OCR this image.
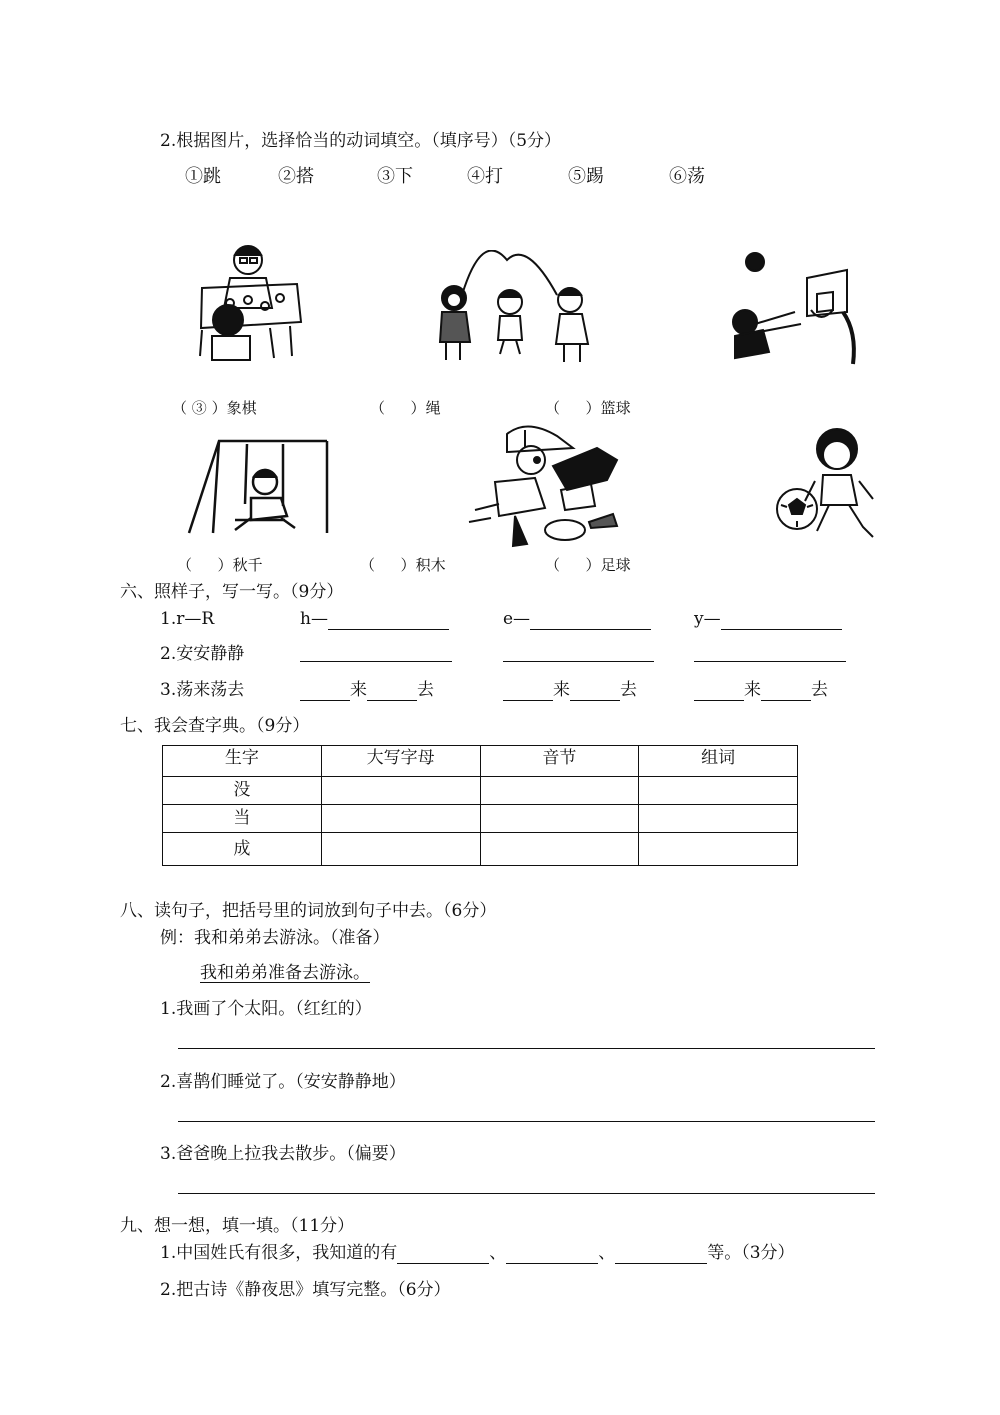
2.根据图片，选择恰当的动词填空。（填序号）（5分）
①跳	②搭	③下	④打	⑤踢	⑥荡
（ ③ ）象棋	（  ）绳	（  ）篮球
（  ）秋千	（  ）积木	（  ）足球
六、照样子，写一写。（9分）
1.r—R	h—	e—	y—
2.安安静静
3.荡来荡去	来	去	来	去	来	去
七、我会查字典。（9分）
生字	大写字母	音节	组词
没			
当			
成			
八、读句子，把括号里的词放到句子中去。（6分）
例：我和弟弟去游泳。（准备）
我和弟弟准备去游泳。
1.我画了个太阳。（红红的）
2.喜鹊们睡觉了。（安安静静地）
3.爸爸晚上拉我去散步。（偏要）
九、想一想，填一填。（11分）
1.中国姓氏有很多，我知道的有	、	、	等。（3分）
2.把古诗《静夜思》填写完整。（6分）
